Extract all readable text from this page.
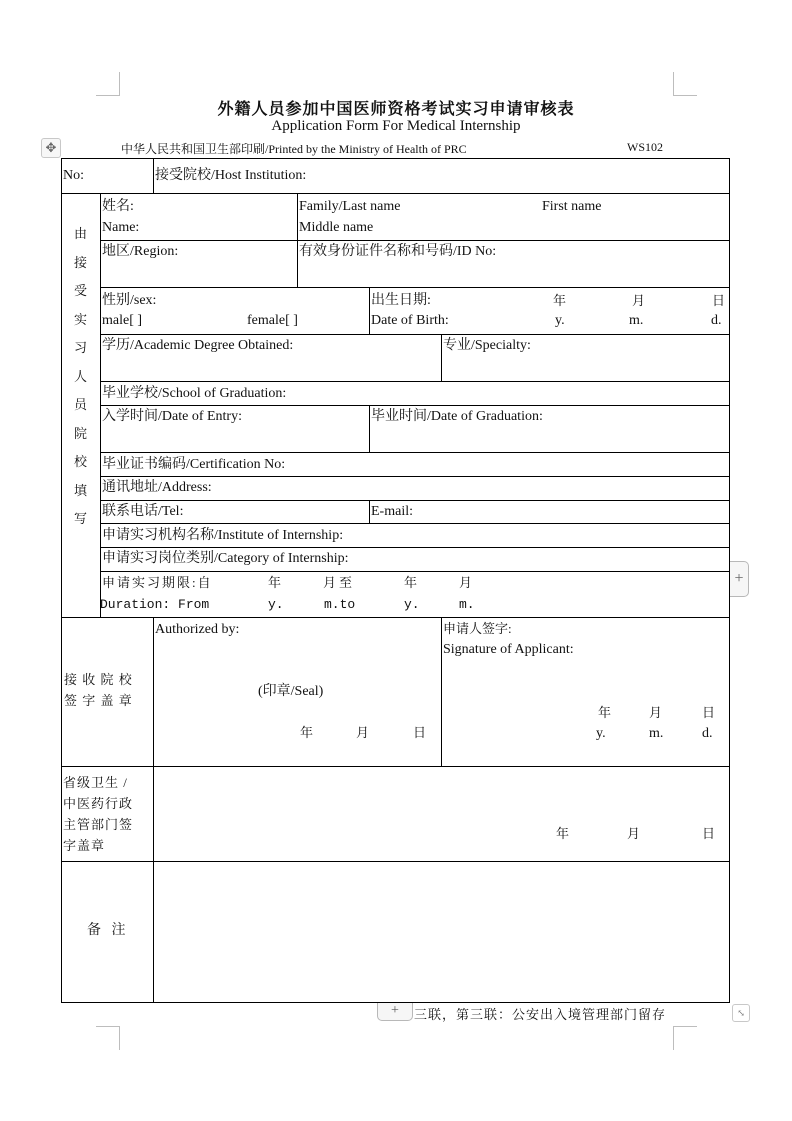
外籍人员参加中国医师资格考试实习申请审核表
Application Form For Medical Internship
✥	中华人民共和国卫生部印刷/Printed by the Ministry of Health of PRC	WS102
No:	接受院校/Host Institution:
由
接
受
实
习
人
员
院
校
填
写
姓名:
Name:
Family/Last name	First name
Middle name
地区/Region:	有效身份证件名称和号码/ID No:
性别/sex:
male[ ]	female[ ]
出生日期:
Date of Birth:
年	月	日
y.	m.	d.
学历/Academic Degree Obtained:	专业/Specialty:
毕业学校/School of Graduation:
入学时间/Date of Entry:	毕业时间/Date of Graduation:
毕业证书编码/Certification No:
通讯地址/Address:
联系电话/Tel:	E-mail:
申请实习机构名称/Institute of Internship:
申请实习岗位类别/Category of Internship:
申请实习期限:自	年	月至	年	月
Duration: From	y.	m.to	y.	m.
接 收 院 校
签 字 盖 章
Authorized by:
(印章/Seal)
年	月	日
申请人签字:
Signature of Applicant:
年	月	日
y.	m.	d.
省级卫生 /
中医药行政
主管部门签
字盖章
年	月	日
备   注
+
+	三联，第三联：公安出入境管理部门留存	⤡
